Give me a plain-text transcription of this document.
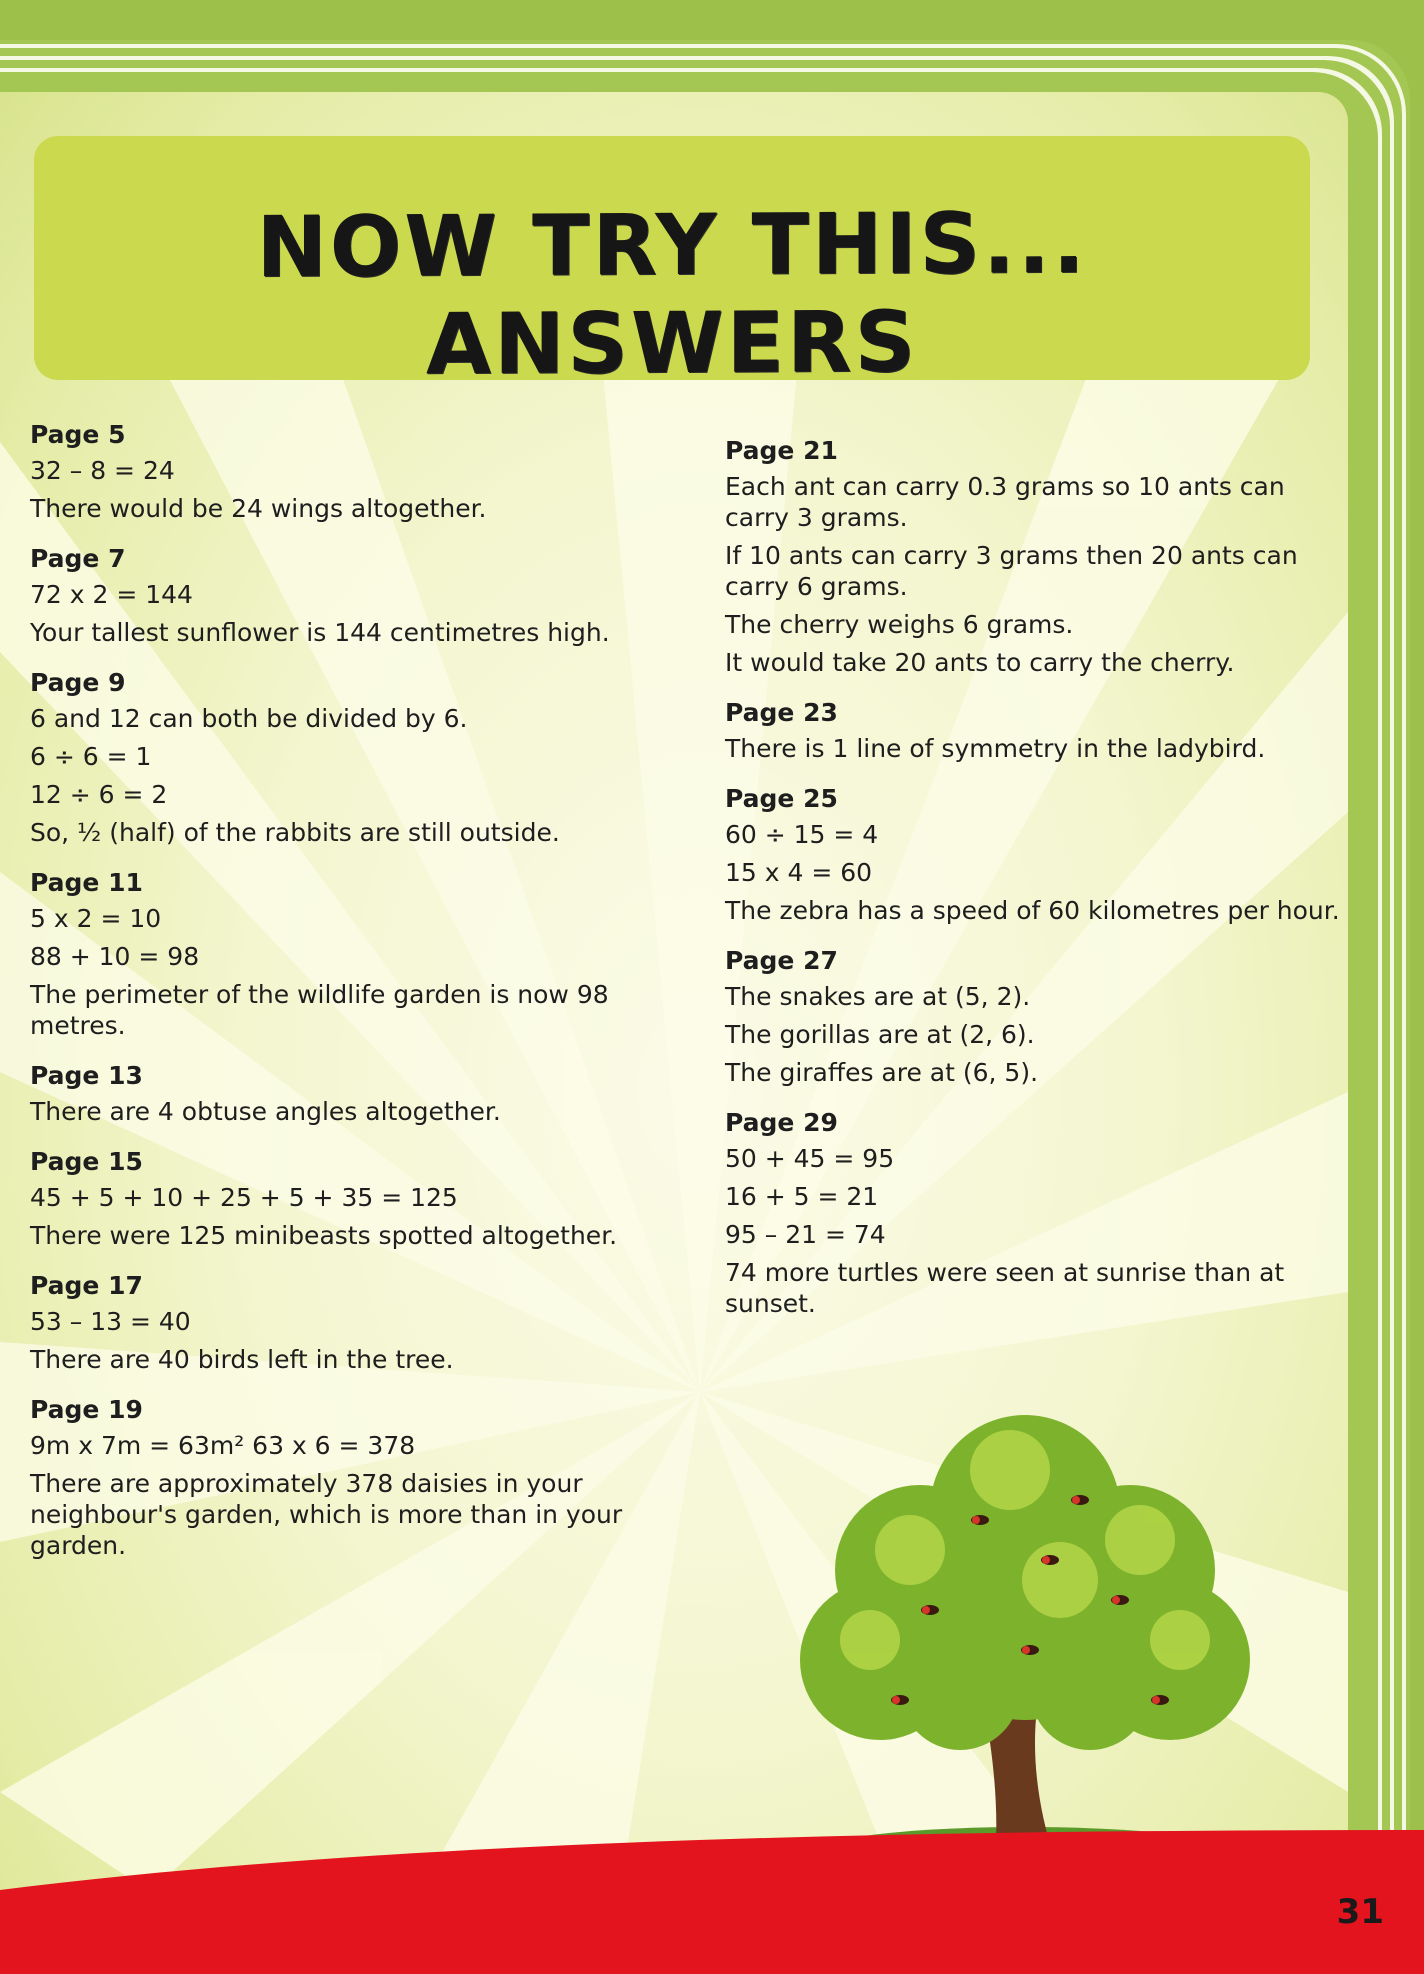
NOW TRY THIS... ANSWERS
Page 5

32 – 8 = 24

There would be 24 wings altogether.

Page 7

72 x 2 = 144

Your tallest sunflower is 144 centimetres high.

Page 9

6 and 12 can both be divided by 6.

6 ÷ 6 = 1

12 ÷ 6 = 2

So, ½ (half) of the rabbits are still outside.

Page 11

5 x 2 = 10

88 + 10 = 98

The perimeter of the wildlife garden is now 98 metres.

Page 13

There are 4 obtuse angles altogether.

Page 15

45 + 5 + 10 + 25 + 5 + 35 = 125

There were 125 minibeasts spotted altogether.

Page 17

53 – 13 = 40

There are 40 birds left in the tree.

Page 19

9m x 7m = 63m² 63 x 6 = 378

There are approximately 378 daisies in your neighbour's garden, which is more than in your garden.

Page 21

Each ant can carry 0.3 grams so 10 ants can carry 3 grams.

If 10 ants can carry 3 grams then 20 ants can carry 6 grams.

The cherry weighs 6 grams.

It would take 20 ants to carry the cherry.

Page 23

There is 1 line of symmetry in the ladybird.

Page 25

60 ÷ 15 = 4

15 x 4 = 60

The zebra has a speed of 60 kilometres per hour.

Page 27

The snakes are at (5, 2).

The gorillas are at (2, 6).

The giraffes are at (6, 5).

Page 29

50 + 45 = 95

16 + 5 = 21

95 – 21 = 74

74 more turtles were seen at sunrise than at sunset.

31
